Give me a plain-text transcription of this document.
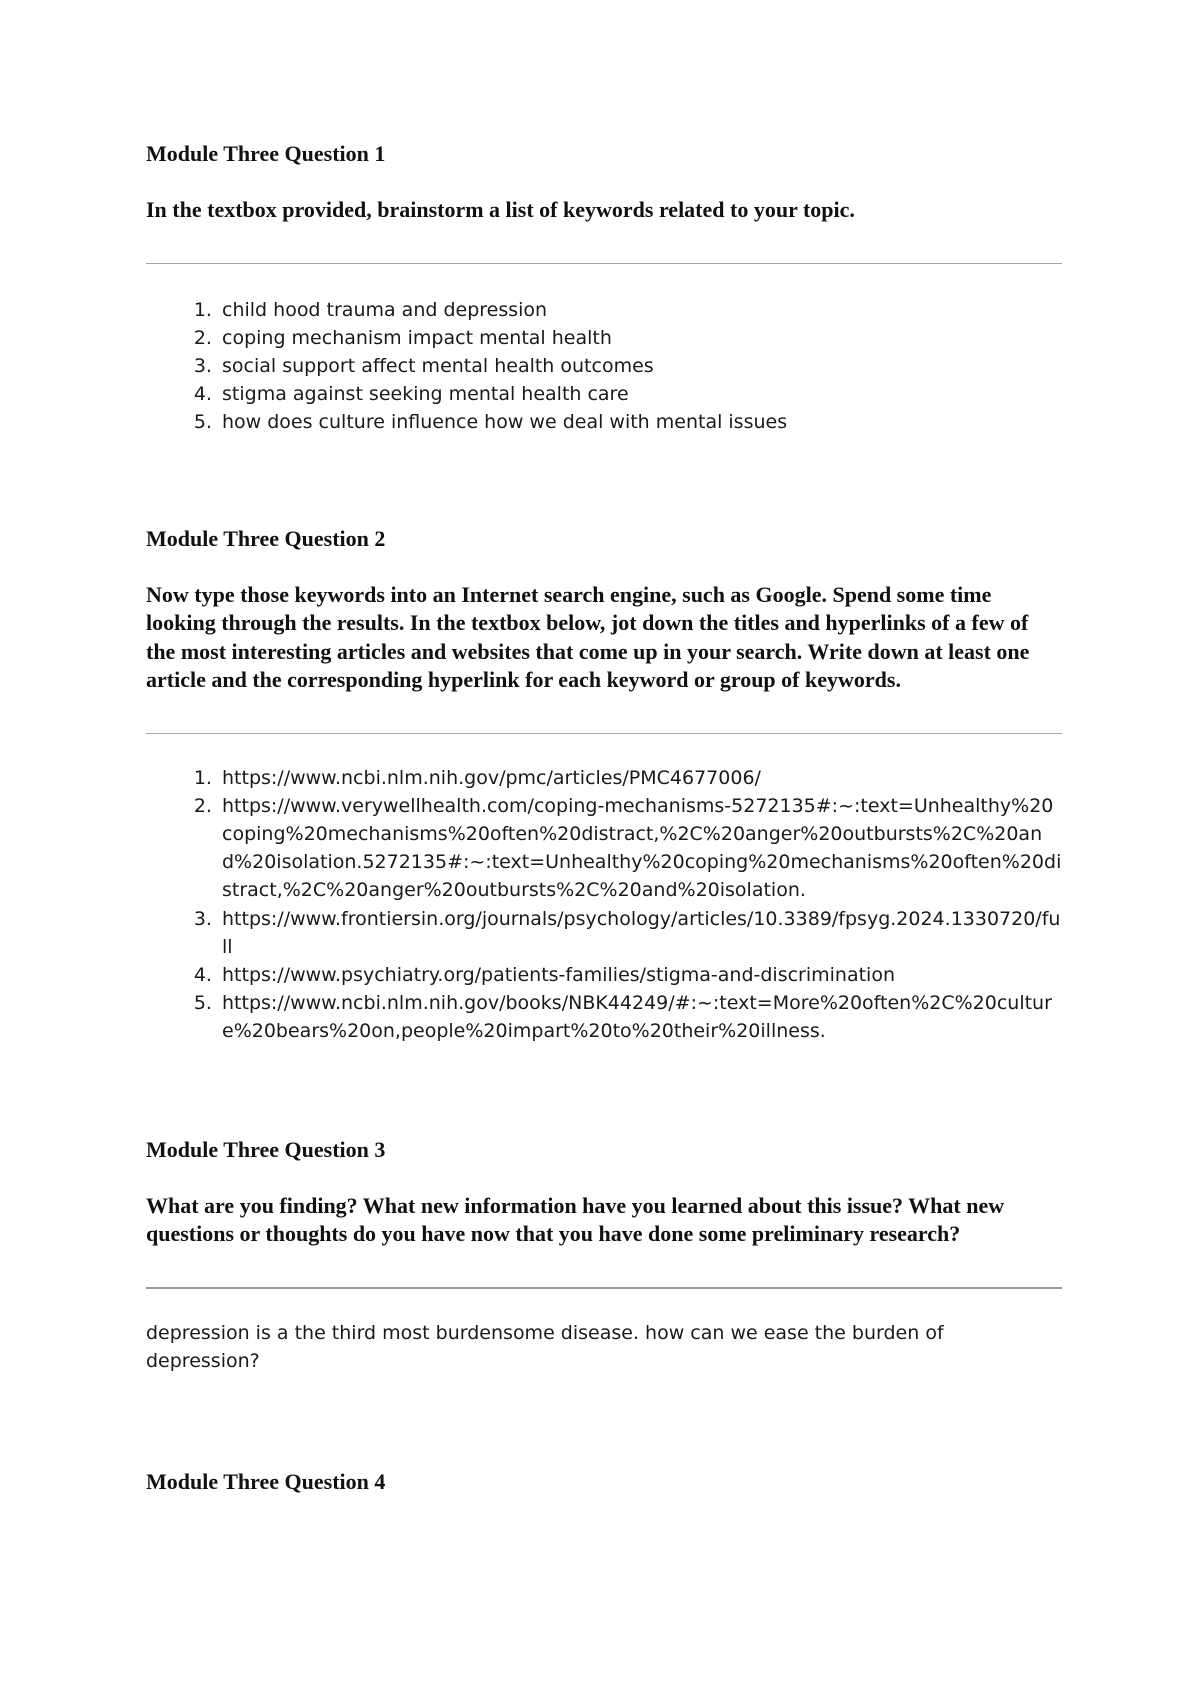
Module Three Question 1

In the textbox provided, brainstorm a list of keywords related to your topic.

1. child hood trauma and depression
2. coping mechanism impact mental health
3. social support affect mental health outcomes
4. stigma against seeking mental health care
5. how does culture influence how we deal with mental issues
Module Three Question 2

Now type those keywords into an Internet search engine, such as Google. Spend some time looking through the results. In the textbox below, jot down the titles and hyperlinks of a few of the most interesting articles and websites that come up in your search. Write down at least one article and the corresponding hyperlink for each keyword or group of keywords.

1. https://www.ncbi.nlm.nih.gov/pmc/articles/PMC4677006/
2. https://www.verywellhealth.com/coping-mechanisms-5272135#:~:text=Unhealthy%20coping%20mechanisms%20often%20distract,%2C%20anger%20outbursts%2C%20and%20isolation.5272135#:~:text=Unhealthy%20coping%20mechanisms%20often%20distract,%2C%20anger%20outbursts%2C%20and%20isolation.
3. https://www.frontiersin.org/journals/psychology/articles/10.3389/fpsyg.2024.1330720/full
4. https://www.psychiatry.org/patients-families/stigma-and-discrimination
5. https://www.ncbi.nlm.nih.gov/books/NBK44249/#:~:text=More%20often%2C%20culture%20bears%20on,people%20impart%20to%20their%20illness.
Module Three Question 3

What are you finding? What new information have you learned about this issue? What new questions or thoughts do you have now that you have done some preliminary research?

depression is a the third most burdensome disease. how can we ease the burden of depression?

Module Three Question 4
